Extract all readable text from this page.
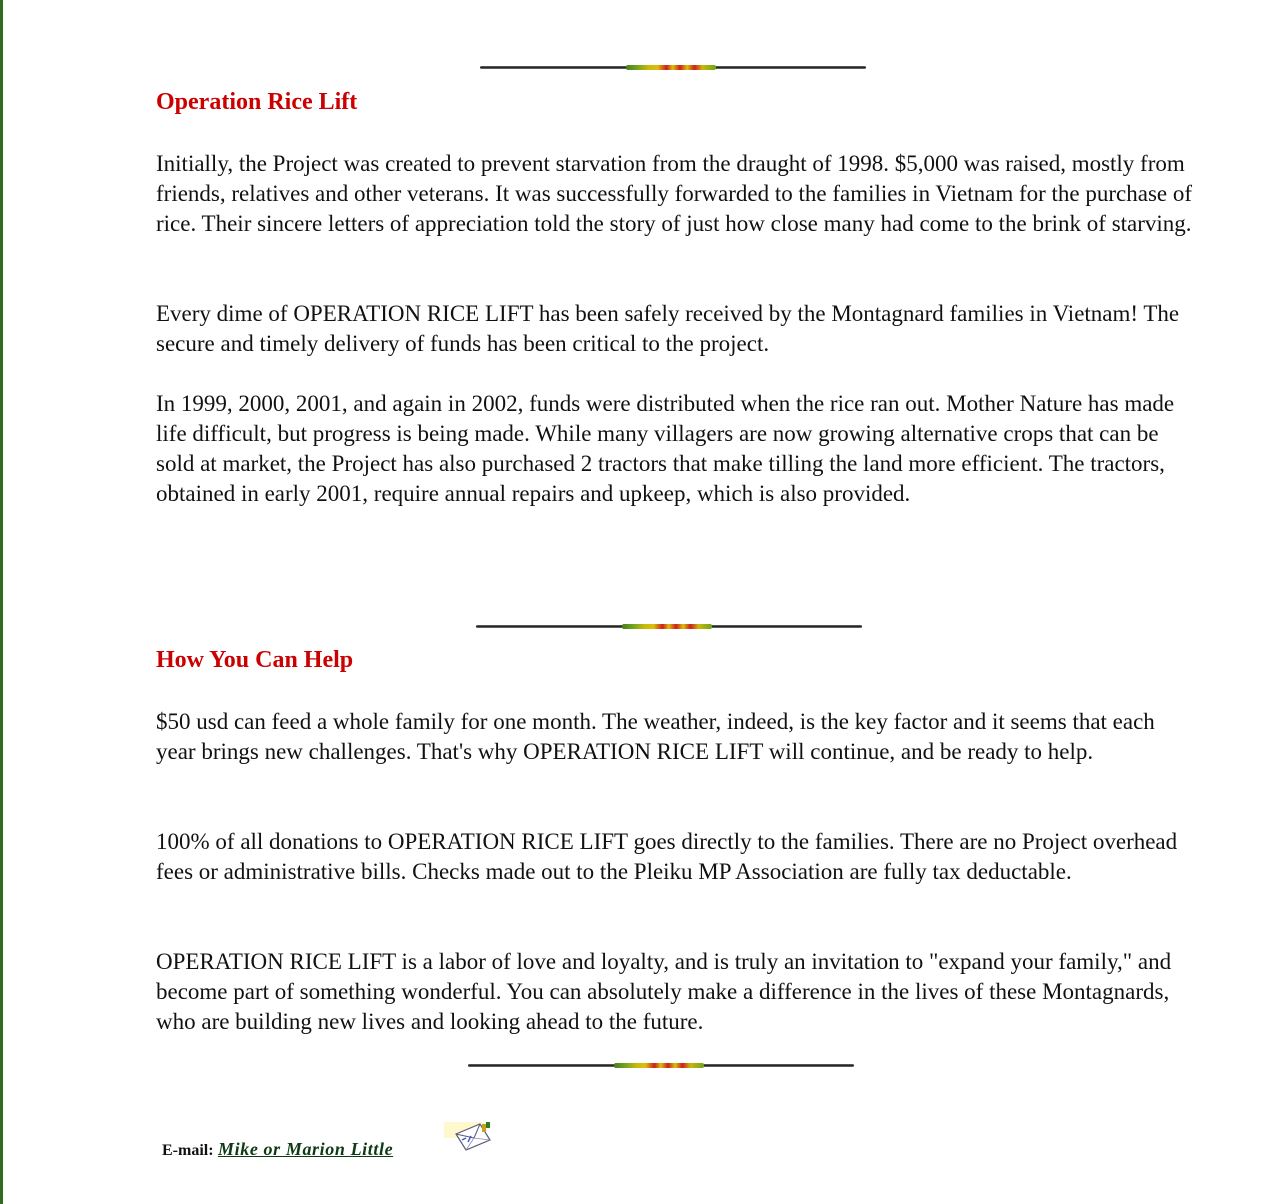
Operation Rice Lift

Initially, the Project was created to prevent starvation from the draught of 1998. $5,000 was raised, mostly from friends, relatives and other veterans. It was successfully forwarded to the families in Vietnam for the purchase of rice. Their sincere letters of appreciation told the story of just how close many had come to the brink of starving.

Every dime of OPERATION RICE LIFT has been safely received by the Montagnard families in Vietnam! The secure and timely delivery of funds has been critical to the project.

In 1999, 2000, 2001, and again in 2002, funds were distributed when the rice ran out. Mother Nature has made life difficult, but progress is being made. While many villagers are now growing alternative crops that can be sold at market, the Project has also purchased 2 tractors that make tilling the land more efficient. The tractors, obtained in early 2001, require annual repairs and upkeep, which is also provided.

How You Can Help

$50 usd can feed a whole family for one month. The weather, indeed, is the key factor and it seems that each year brings new challenges. That's why OPERATION RICE LIFT will continue, and be ready to help.

100% of all donations to OPERATION RICE LIFT goes directly to the families. There are no Project overhead fees or administrative bills. Checks made out to the Pleiku MP Association are fully tax deductable.

OPERATION RICE LIFT is a labor of love and loyalty, and is truly an invitation to "expand your family," and become part of something wonderful. You can absolutely make a difference in the lives of these Montagnards, who are building new lives and looking ahead to the future.

E-mail: Mike or Marion Little
